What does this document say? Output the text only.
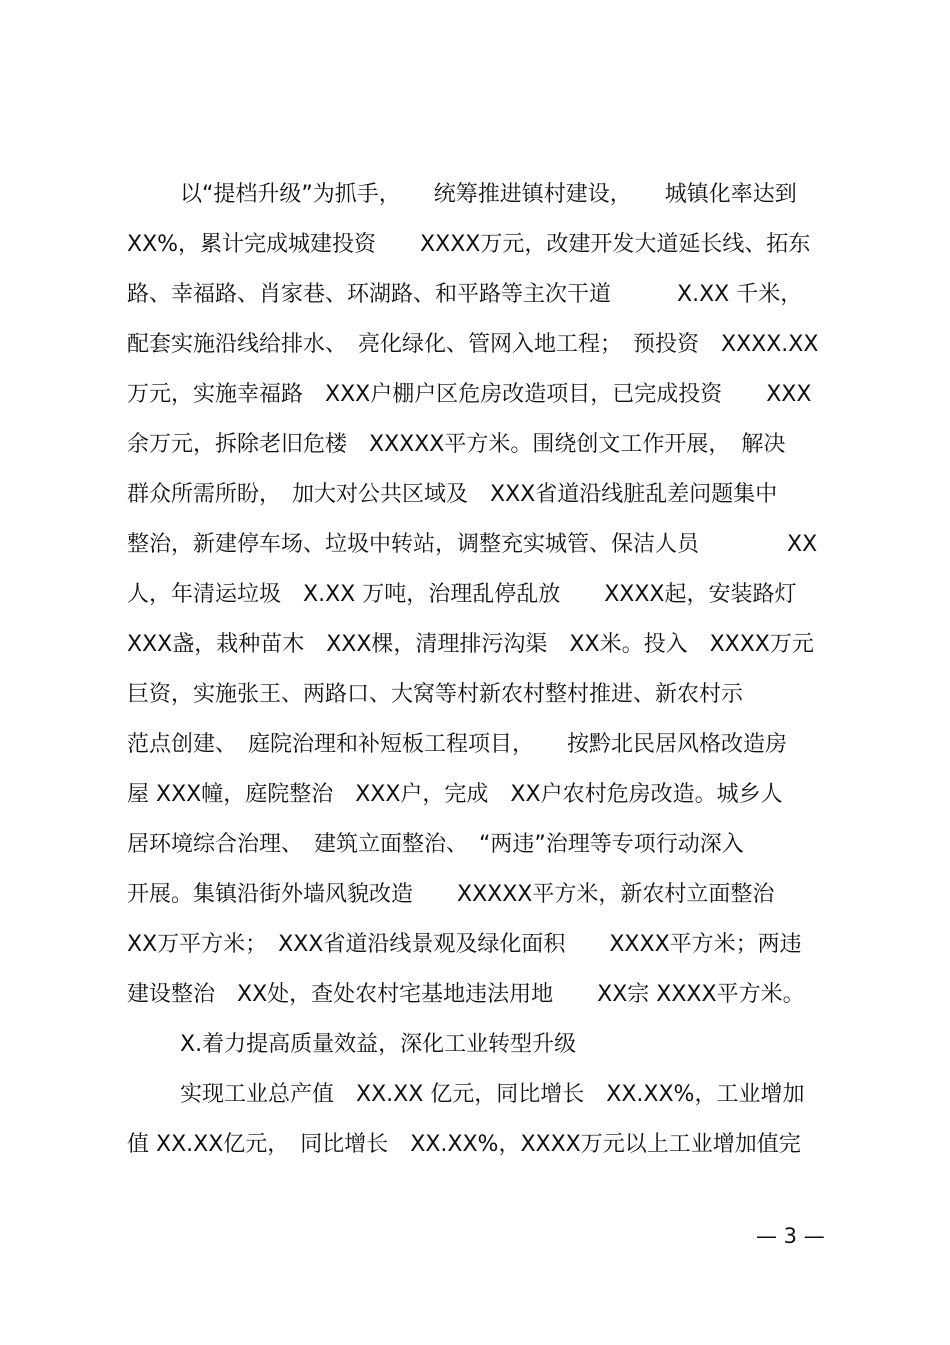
以“提档升级”为抓手，　　统筹推进镇村建设，　　城镇化率达到
XX%，累计完成城建投资　　XXXX万元，改建开发大道延长线、拓东
路、幸福路、肖家巷、环湖路、和平路等主次干道　　　X.XX 千米，
配套实施沿线给排水、　亮化绿化、管网入地工程；　预投资　XXXX.XX
万元，实施幸福路　XXX户棚户区危房改造项目，已完成投资　　XXX
余万元，拆除老旧危楼　XXXXX平方米。围绕创文工作开展，　解决
群众所需所盼，　加大对公共区域及　XXX省道沿线脏乱差问题集中
整治，新建停车场、垃圾中转站，调整充实城管、保洁人员　　　　XX
人，年清运垃圾　X.XX 万吨，治理乱停乱放　　XXXX起，安装路灯
XXX盏，栽种苗木　XXX棵，清理排污沟渠　XX米。投入　XXXX万元
巨资，实施张王、两路口、大窝等村新农村整村推进、新农村示
范点创建、　庭院治理和补短板工程项目，　　按黔北民居风格改造房
屋 XXX幢，庭院整治　XXX户，完成　XX户农村危房改造。城乡人
居环境综合治理、　建筑立面整治、　“两违”治理等专项行动深入
开展。集镇沿街外墙风貌改造　　XXXXX平方米，新农村立面整治
XX万平方米；　XXX省道沿线景观及绿化面积　　XXXX平方米；两违
建设整治　XX处，查处农村宅基地违法用地　　XX宗 XXXX平方米。
X.着力提高质量效益，深化工业转型升级
实现工业总产值　XX.XX 亿元，同比增长　XX.XX%，工业增加
值 XX.XX亿元，　同比增长　XX.XX%，XXXX万元以上工业增加值完
— 3 —
